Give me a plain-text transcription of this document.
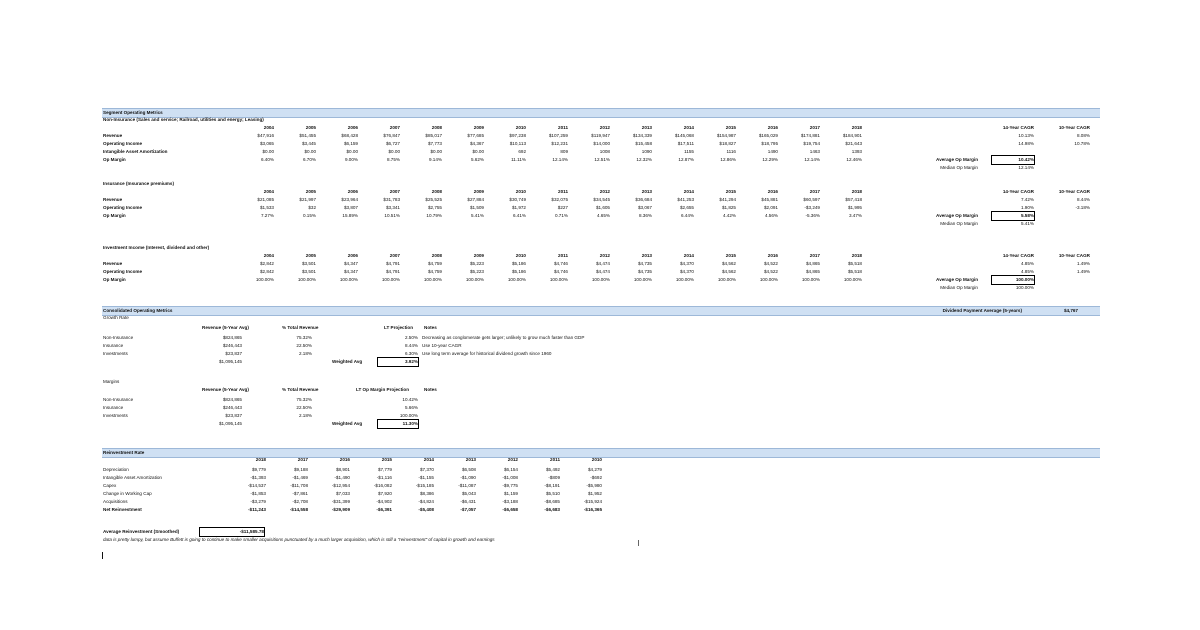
Segment Operating Metrics
Non-Insurance (Sales and service; Railroad, utilities and energy; Leasing)
2004	2005	2006	2007	2008	2009	2010	2011	2012	2013	2014	2015	2016	2017	2018	14-Year CAGR	10-Year CAGR
Revenue	$47,916	$51,455	$68,428	$76,847	$85,017	$77,685	$97,238	$107,259	$119,947	$134,339	$145,068	$154,987	$165,029	$174,881	$184,901	10.13%	8.08%
Operating Income	$3,065	$3,445	$6,159	$6,727	$7,773	$4,367	$10,113	$12,231	$14,000	$15,458	$17,511	$18,827	$18,795	$19,754	$21,643	14.98%	10.78%
Intangible Asset Amortization	$0.00	$0.00	$0.00	$0.00	$0.00	$0.00	692	809	1008	1090	1155	1116	1490	1463	1393
Op Margin	6.40%	6.70%	9.00%	8.75%	9.14%	5.62%	11.11%	12.14%	12.51%	12.32%	12.87%	12.86%	12.29%	12.14%	12.46%	Average Op Margin	10.42%
Median Op Margin	12.14%
Insurance (Insurance premiums)
2004	2005	2006	2007	2008	2009	2010	2011	2012	2013	2014	2015	2016	2017	2018	14-Year CAGR	10-Year CAGR
Revenue	$21,085	$21,997	$23,964	$31,783	$25,525	$27,884	$30,749	$32,075	$34,545	$36,684	$41,253	$41,294	$45,881	$60,597	$57,418	7.42%	8.44%
Operating Income	$1,533	$32	$3,807	$3,341	$2,755	$1,509	$1,972	$227	$1,605	$3,067	$2,655	$1,825	$2,091	-$3,249	$1,995	1.90%	-3.18%
Op Margin	7.27%	0.15%	15.89%	10.51%	10.79%	5.41%	6.41%	0.71%	4.65%	8.36%	6.44%	4.42%	4.56%	-5.36%	3.47%	Average Op Margin	5.58%
Median Op Margin	5.41%
Investment Income (Interest, dividend and other)
2004	2005	2006	2007	2008	2009	2010	2011	2012	2013	2014	2015	2016	2017	2018	14-Year CAGR	10-Year CAGR
Revenue	$2,842	$3,501	$4,347	$4,791	$4,759	$5,223	$5,186	$4,746	$4,474	$4,735	$4,370	$4,562	$4,522	$4,865	$5,518	4.85%	1.49%
Operating Income	$2,842	$3,501	$4,347	$4,791	$4,759	$5,223	$5,186	$4,746	$4,474	$4,735	$4,370	$4,562	$4,522	$4,865	$5,518	4.85%	1.49%
Op Margin	100.00%	100.00%	100.00%	100.00%	100.00%	100.00%	100.00%	100.00%	100.00%	100.00%	100.00%	100.00%	100.00%	100.00%	100.00%	Average Op Margin	100.00%
Median Op Margin	100.00%
Consolidated Operating Metrics	Dividend Payment Average (5-years)	$4,767
Growth Rate
Revenue (5-Year Avg)	% Total Revenue	LT Projection Notes
Non-Insurance	$824,865	75.32%	2.50% Decreasing as conglomerate gets larger; unlikely to grow much faster than GDP
Insurance	$246,443	22.50%	8.44% Use 10-year CAGR
Investments	$23,837	2.18%	6.30% Use long term average for historical dividend growth since 1960
$1,095,145	Weighted Avg	3.92%
Margins
Revenue (5-Year Avg)	% Total Revenue	LT Op Margin Projection	Notes
Non-Insurance	$824,865	75.32%	10.42%
Insurance	$246,443	22.50%	5.66%
Investments	$23,837	2.18%	100.00%
$1,095,145	Weighted Avg	11.30%
Reinvestment Rate
2018	2017	2016	2015	2014	2013	2012	2011	2010
Depreciation	$9,779	$9,188	$8,901	$7,779	$7,370	$6,508	$6,154	$5,492	$4,279
Intangible Asset Amortization	-$1,393	-$1,469	-$1,490	-$1,116	-$1,155	-$1,090	-$1,008	-$809	-$692
Capex	-$14,537	-$11,708	-$12,954	-$16,082	-$15,185	-$11,087	-$9,775	-$8,191	-$5,980
Change in Working Cap	-$1,853	-$7,861	$7,033	$7,920	$8,386	$5,043	$1,159	$5,510	$1,952
Acquisitions	-$3,279	-$2,708	-$31,399	-$4,902	-$4,824	-$6,431	-$3,188	-$8,685	-$15,924
Net Reinvestment	-$11,243	-$14,558	-$29,909	-$6,391	-$5,408	-$7,057	-$6,658	-$6,683	-$16,365
Average Reinvestment (Smoothed)	-$11,585.78
data is pretty lumpy, but assume Buffett is going to continue to make smaller acquisitions punctuated by a much larger acquisition, which is still a "reinvestment" of capital in growth and earnings
